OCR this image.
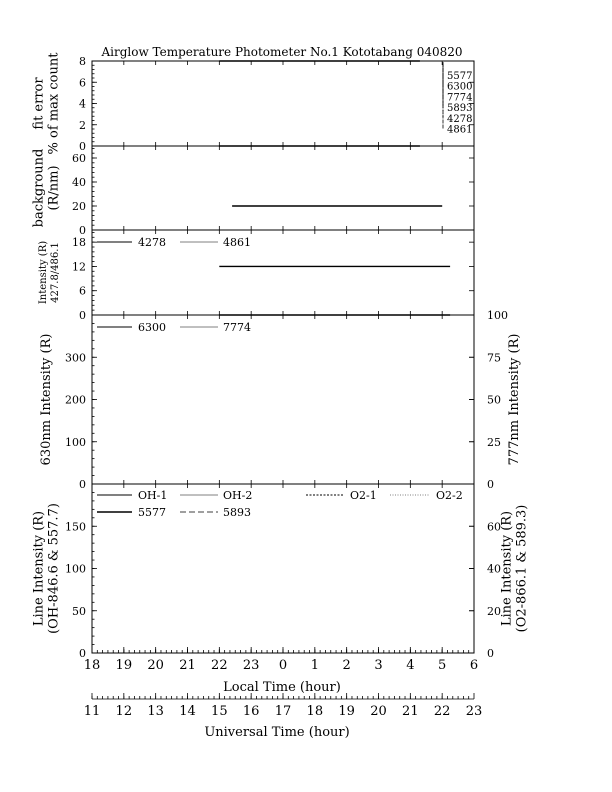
Airglow Temperature Photometer No.1 Kototabang 040820
0
2
4
6
8
fit error % of max count	5577
6300
7774
5893
4278
4861
0
20
40
60
background (R/nm)
0
6
12
18
Intensity (R) 427.8/486.1	4278	4861
0
100
200
300
0
25
50
75
100
777nm Intensity (R)
630nm Intensity (R)
6300	7774
0
50
100
150
0
20
40
60
Line Intensity (R) (O2-866.1 & 589.3)
Line Intensity (R) (OH-846.6 & 557.7)
OH-1	OH-2	O2-1	O2-2
5577	5893
18 19 20 21 22 23 0 1 2 3 4 5 6
Local Time (hour)
11 12 13 14 15 16 17 18 19 20 21 22 23
Universal Time (hour)
